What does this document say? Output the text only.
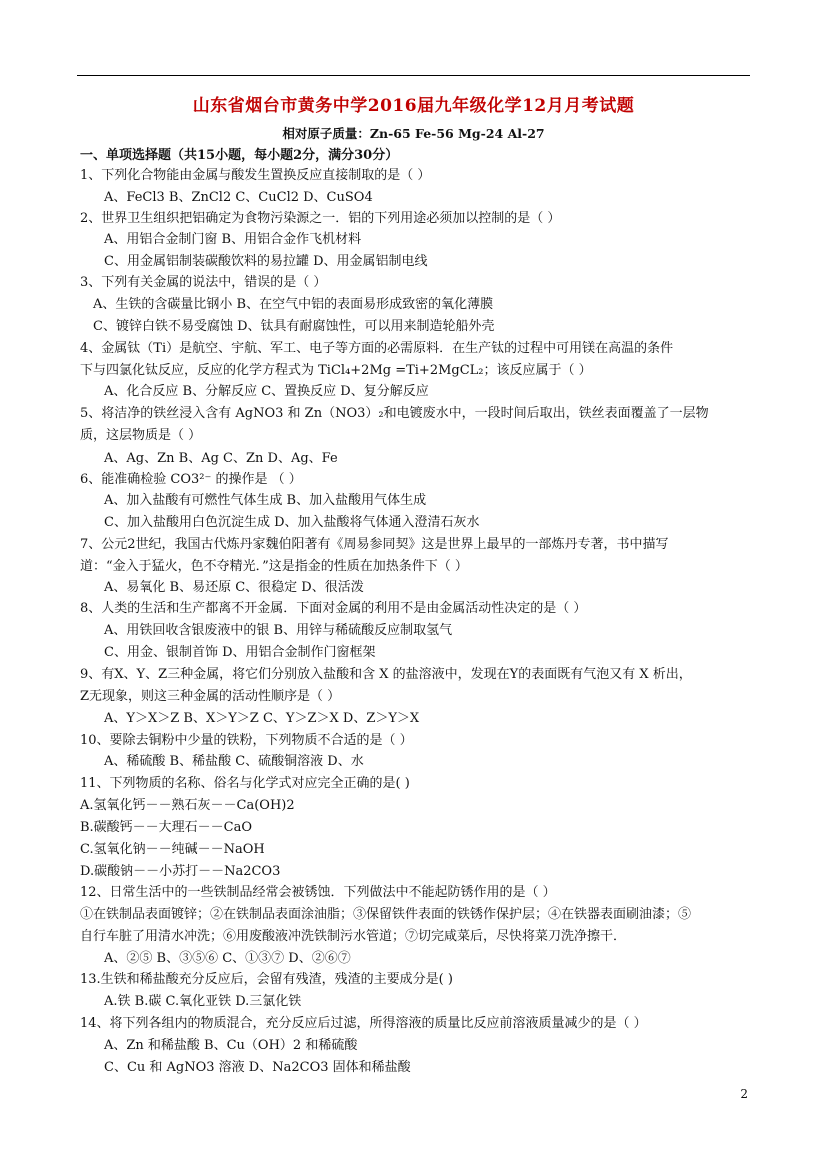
山东省烟台市黄务中学2016届九年级化学12月月考试题
相对原子质量：Zn-65 Fe-56 Mg-24 Al-27
一、单项选择题（共15小题，每小题2分，满分30分）
1、下列化合物能由金属与酸发生置换反应直接制取的是（ ）
A、FeCl3 B、ZnCl2 C、CuCl2 D、CuSO4
2、世界卫生组织把铝确定为食物污染源之一．铝的下列用途必须加以控制的是（ ）
A、用铝合金制门窗 B、用铝合金作飞机材料
C、用金属铝制装碳酸饮料的易拉罐 D、用金属铝制电线
3、下列有关金属的说法中，错误的是（ ）
A、生铁的含碳量比钢小 B、在空气中铝的表面易形成致密的氧化薄膜
C、镀锌白铁不易受腐蚀 D、钛具有耐腐蚀性，可以用来制造轮船外壳
4、金属钛（Ti）是航空、宇航、军工、电子等方面的必需原料．在生产钛的过程中可用镁在高温的条件
下与四氯化钛反应，反应的化学方程式为 TiCl₄+2Mg =Ti+2MgCL₂；该反应属于（ ）
A、化合反应 B、分解反应 C、置换反应 D、复分解反应
5、将洁净的铁丝浸入含有 AgNO3 和 Zn（NO3）₂和电镀废水中，一段时间后取出，铁丝表面覆盖了一层物
质，这层物质是（ ）
A、Ag、Zn B、Ag C、Zn D、Ag、Fe
6、能准确检验 CO3²⁻ 的操作是 （ ）
A、加入盐酸有可燃性气体生成 B、加入盐酸用气体生成
C、加入盐酸用白色沉淀生成 D、加入盐酸将气体通入澄清石灰水
7、公元2世纪，我国古代炼丹家魏伯阳著有《周易参同契》这是世界上最早的一部炼丹专著，书中描写
道：“金入于猛火，色不夺精光．”这是指金的性质在加热条件下（ ）
A、易氧化 B、易还原 C、很稳定 D、很活泼
8、人类的生活和生产都离不开金属．下面对金属的利用不是由金属活动性决定的是（ ）
A、用铁回收含银废液中的银 B、用锌与稀硫酸反应制取氢气
C、用金、银制首饰 D、用铝合金制作门窗框架
9、有X、Y、Z三种金属，将它们分别放入盐酸和含 X 的盐溶液中，发现在Y的表面既有气泡又有 X 析出，
Z无现象，则这三种金属的活动性顺序是（ ）
A、Y＞X＞Z B、X＞Y＞Z C、Y＞Z＞X D、Z＞Y＞X
10、要除去铜粉中少量的铁粉，下列物质不合适的是（ ）
A、稀硫酸 B、稀盐酸 C、硫酸铜溶液 D、水
11、下列物质的名称、俗名与化学式对应完全正确的是( )
A.氢氧化钙－－熟石灰－－Ca(OH)2
B.碳酸钙－－大理石－－CaO
C.氢氧化钠－－纯碱－－NaOH
D.碳酸钠－－小苏打－－Na2CO3
12、日常生活中的一些铁制品经常会被锈蚀．下列做法中不能起防锈作用的是（ ）
①在铁制品表面镀锌；②在铁制品表面涂油脂；③保留铁件表面的铁锈作保护层；④在铁器表面刷油漆；⑤
自行车脏了用清水冲洗；⑥用废酸液冲洗铁制污水管道；⑦切完咸菜后，尽快将菜刀洗净擦干．
A、②⑤ B、③⑤⑥ C、①③⑦ D、②⑥⑦
13.生铁和稀盐酸充分反应后，会留有残渣，残渣的主要成分是( )
A.铁 B.碳 C.氧化亚铁 D.三氯化铁
14、将下列各组内的物质混合，充分反应后过滤，所得溶液的质量比反应前溶液质量减少的是（ ）
A、Zn 和稀盐酸 B、Cu（OH）2 和稀硫酸
C、Cu 和 AgNO3 溶液 D、Na2CO3 固体和稀盐酸
2
